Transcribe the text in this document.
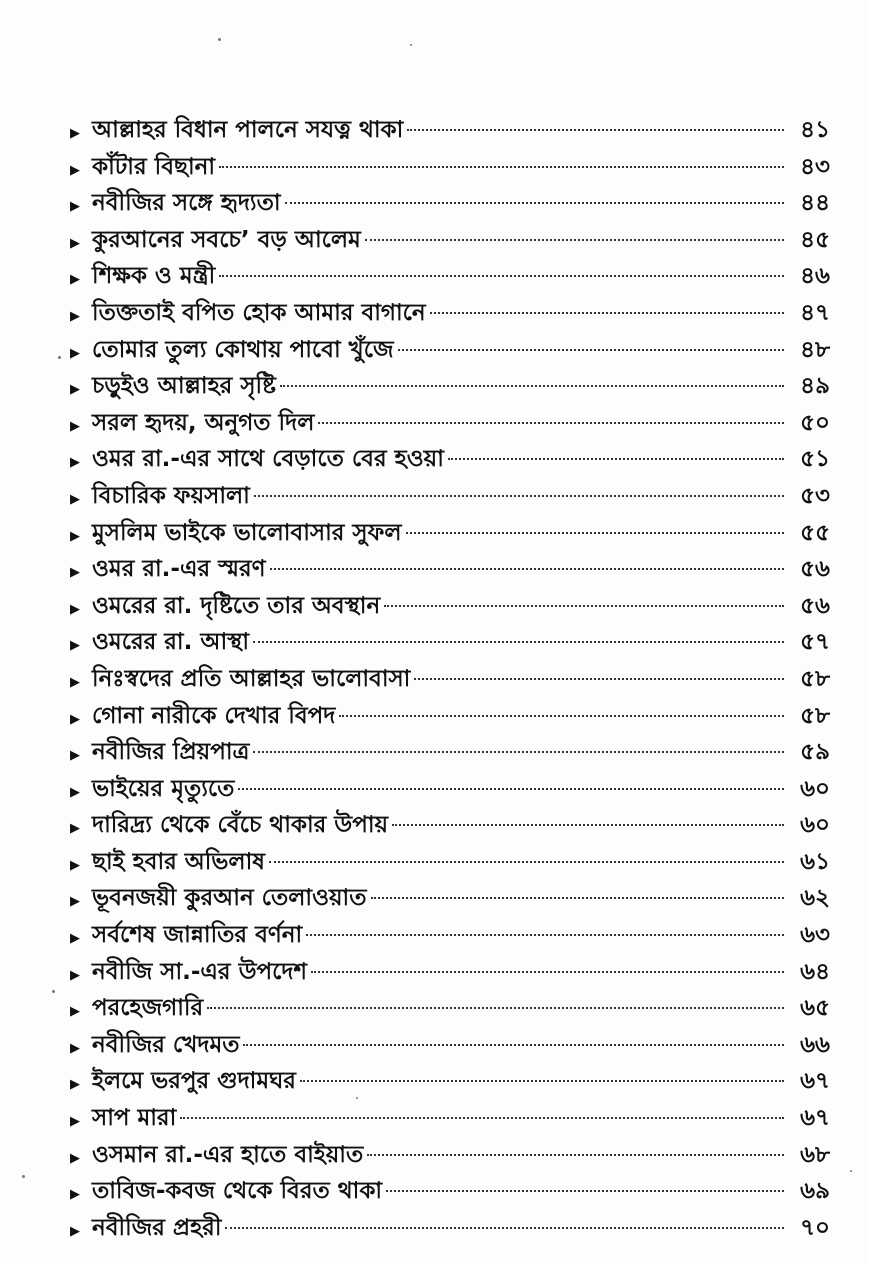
▶ আল্লাহর বিধান পালনে সযত্ন থাকা	৪১
▶ কাঁটার বিছানা	৪৩
▶ নবীজির সঙ্গে হৃদ্যতা	৪৪
▶ কুরআনের সবচে’ বড় আলেম	৪৫
▶ শিক্ষক ও মন্ত্রী	৪৬
▶ তিক্ততাই বপিত হোক আমার বাগানে	৪৭
▶ তোমার তুল্য কোথায় পাবো খুঁজে	৪৮
▶ চড়ুইও আল্লাহর সৃষ্টি	৪৯
▶ সরল হৃদয়, অনুগত দিল	৫০
▶ ওমর রা.-এর সাথে বেড়াতে বের হওয়া	৫১
▶ বিচারিক ফয়সালা	৫৩
▶ মুসলিম ভাইকে ভালোবাসার সুফল	৫৫
▶ ওমর রা.-এর স্মরণ	৫৬
▶ ওমরের রা. দৃষ্টিতে তার অবস্থান	৫৬
▶ ওমরের রা. আস্থা	৫৭
▶ নিঃস্বদের প্রতি আল্লাহর ভালোবাসা	৫৮
▶ গোনা নারীকে দেখার বিপদ	৫৮
▶ নবীজির প্রিয়পাত্র	৫৯
▶ ভাইয়ের মৃত্যুতে	৬০
▶ দারিদ্র্য থেকে বেঁচে থাকার উপায়	৬০
▶ ছাই হবার অভিলাষ	৬১
▶ ভূবনজয়ী কুরআন তেলাওয়াত	৬২
▶ সর্বশেষ জান্নাতির বর্ণনা	৬৩
▶ নবীজি সা.-এর উপদেশ	৬৪
▶ পরহেজগারি	৬৫
▶ নবীজির খেদমত	৬৬
▶ ইলমে ভরপুর গুদামঘর	৬৭
▶ সাপ মারা	৬৭
▶ ওসমান রা.-এর হাতে বাইয়াত	৬৮
▶ তাবিজ-কবজ থেকে বিরত থাকা	৬৯
▶ নবীজির প্রহরী	৭০
